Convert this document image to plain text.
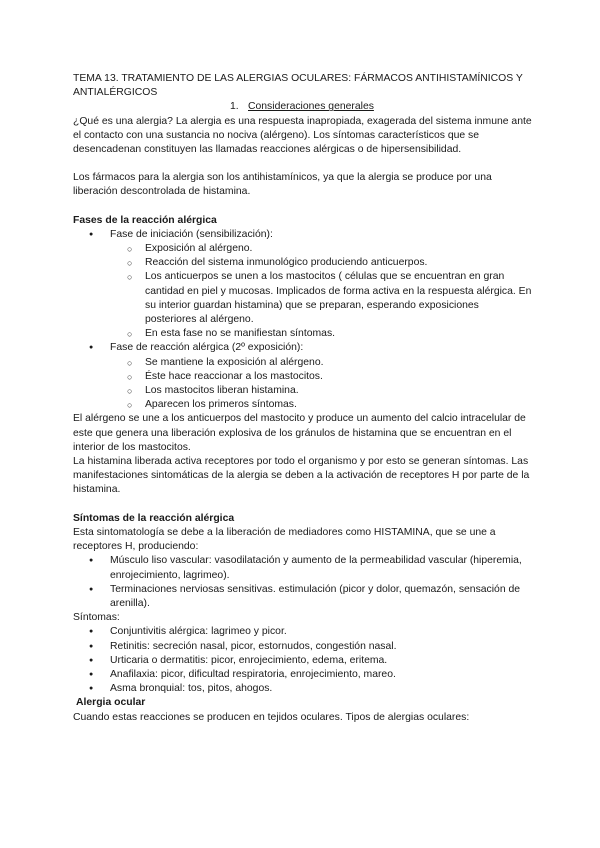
TEMA 13. TRATAMIENTO DE LAS ALERGIAS OCULARES: FÁRMACOS ANTIHISTAMÍNICOS Y ANTIALÉRGICOS

1. Consideraciones generales

¿Qué es una alergia? La alergia es una respuesta inapropiada, exagerada del sistema inmune ante el contacto con una sustancia no nociva (alérgeno). Los síntomas característicos que se desencadenan constituyen las llamadas reacciones alérgicas o de hipersensibilidad.

Los fármacos para la alergia son los antihistamínicos, ya que la alergia se produce por una liberación descontrolada de histamina.

Fases de la reacción alérgica

● Fase de iniciación (sensibilización):
○ Exposición al alérgeno.
○ Reacción del sistema inmunológico produciendo anticuerpos.
○ Los anticuerpos se unen a los mastocitos ( células que se encuentran en gran cantidad en piel y mucosas. Implicados de forma activa en la respuesta alérgica. En su interior guardan histamina) que se preparan, esperando exposiciones posteriores al alérgeno.
○ En esta fase no se manifiestan síntomas.
● Fase de reacción alérgica (2º exposición):
○ Se mantiene la exposición al alérgeno.
○ Éste hace reaccionar a los mastocitos.
○ Los mastocitos liberan histamina.
○ Aparecen los primeros síntomas.

El alérgeno se une a los anticuerpos del mastocito y produce un aumento del calcio intracelular de este que genera una liberación explosiva de los gránulos de histamina que se encuentran en el interior de los mastocitos.

La histamina liberada activa receptores por todo el organismo y por esto se generan síntomas. Las manifestaciones sintomáticas de la alergia se deben a la activación de receptores H por parte de la histamina.

Síntomas de la reacción alérgica

Esta sintomatología se debe a la liberación de mediadores como HISTAMINA, que se une a receptores H, produciendo:

● Músculo liso vascular: vasodilatación y aumento de la permeabilidad vascular (hiperemia, enrojecimiento, lagrimeo).
● Terminaciones nerviosas sensitivas. estimulación (picor y dolor, quemazón, sensación de arenilla).

Síntomas:

● Conjuntivitis alérgica: lagrimeo y picor.
● Retinitis: secreción nasal, picor, estornudos, congestión nasal.
● Urticaria o dermatitis: picor, enrojecimiento, edema, eritema.
● Anafilaxia: picor, dificultad respiratoria, enrojecimiento, mareo.
● Asma bronquial: tos, pitos, ahogos.

Alergia ocular

Cuando estas reacciones se producen en tejidos oculares. Tipos de alergias oculares:
